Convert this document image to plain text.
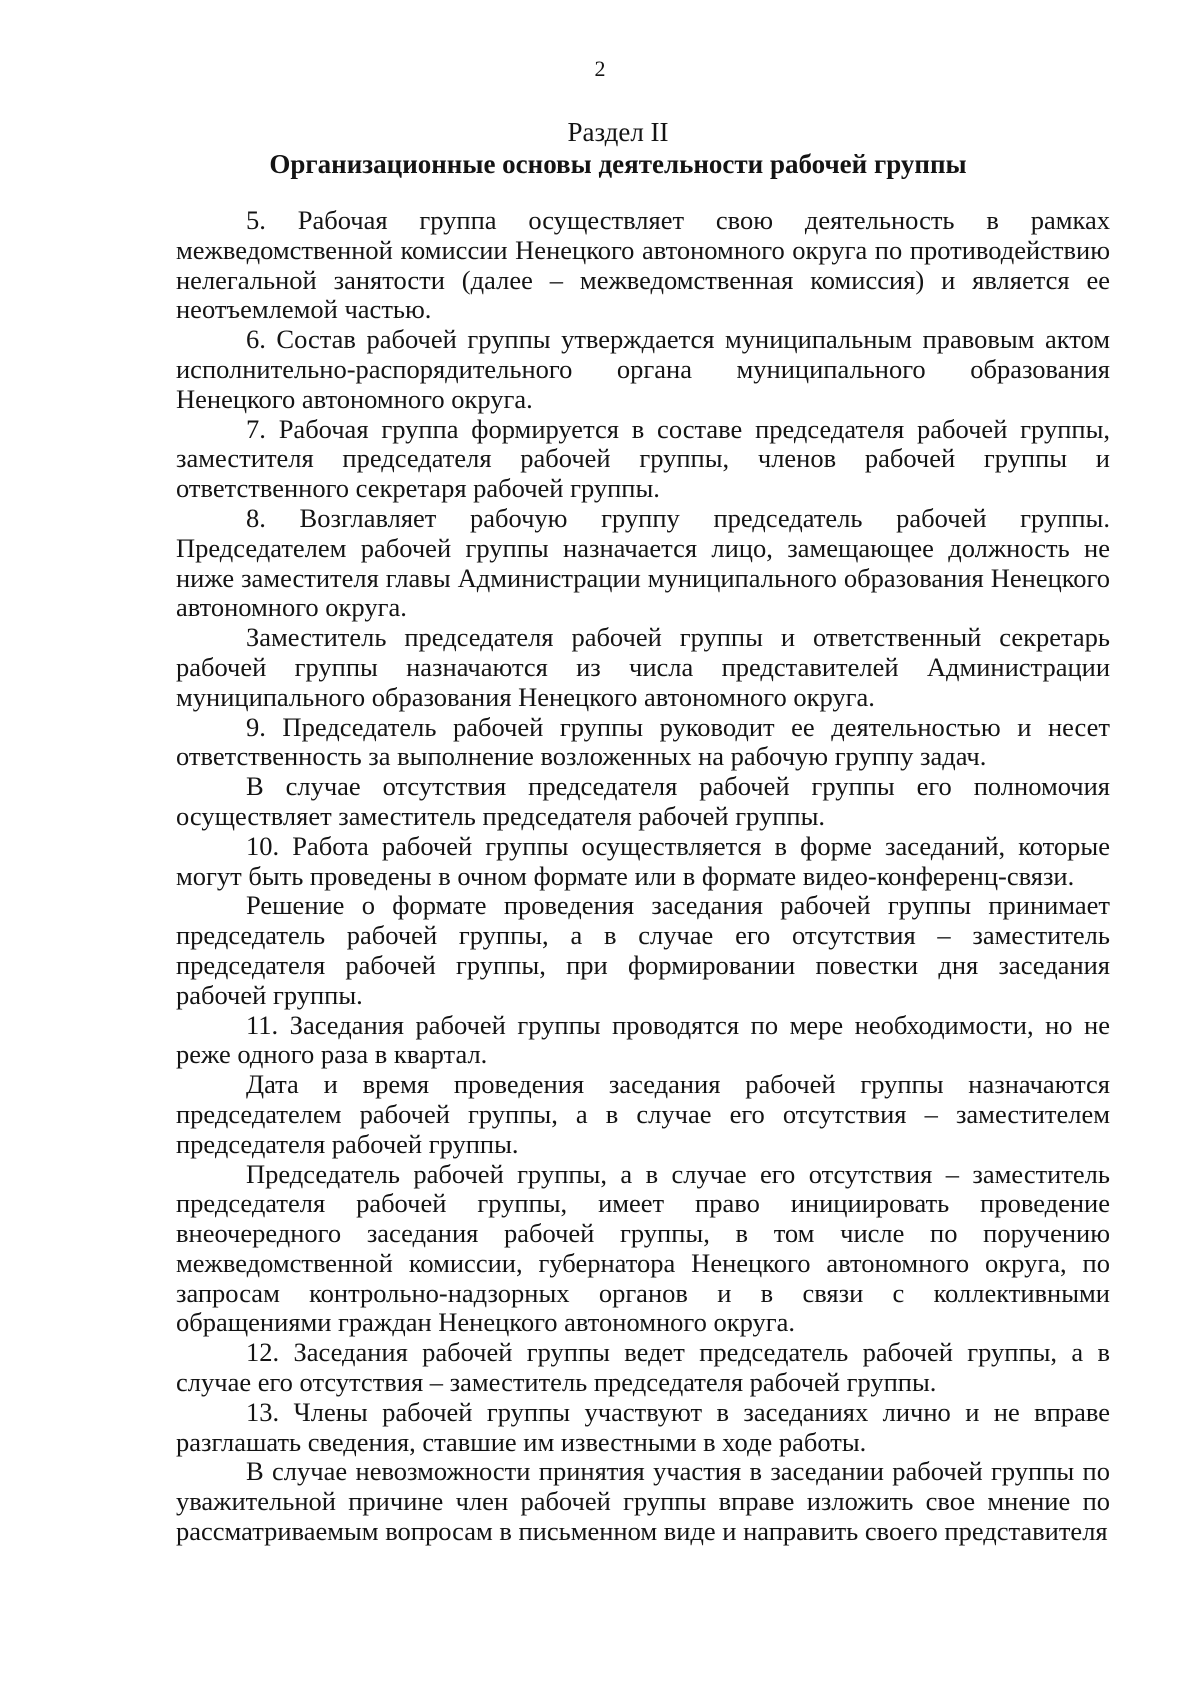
2
Раздел II
Организационные основы деятельности рабочей группы

5. Рабочая группа осуществляет свою деятельность в рамках межведомственной комиссии Ненецкого автономного округа по противодействию нелегальной занятости (далее – межведомственная комиссия) и является ее неотъемлемой частью.

6. Состав рабочей группы утверждается муниципальным правовым актом исполнительно-распорядительного органа муниципального образования Ненецкого автономного округа.

7. Рабочая группа формируется в составе председателя рабочей группы, заместителя председателя рабочей группы, членов рабочей группы и ответственного секретаря рабочей группы.

8. Возглавляет рабочую группу председатель рабочей группы. Председателем рабочей группы назначается лицо, замещающее должность не ниже заместителя главы Администрации муниципального образования Ненецкого автономного округа.

Заместитель председателя рабочей группы и ответственный секретарь рабочей группы назначаются из числа представителей Администрации муниципального образования Ненецкого автономного округа.

9. Председатель рабочей группы руководит ее деятельностью и несет ответственность за выполнение возложенных на рабочую группу задач.

В случае отсутствия председателя рабочей группы его полномочия осуществляет заместитель председателя рабочей группы.

10. Работа рабочей группы осуществляется в форме заседаний, которые могут быть проведены в очном формате или в формате видео-конференц-связи.

Решение о формате проведения заседания рабочей группы принимает председатель рабочей группы, а в случае его отсутствия – заместитель председателя рабочей группы, при формировании повестки дня заседания рабочей группы.

11. Заседания рабочей группы проводятся по мере необходимости, но не реже одного раза в квартал.

Дата и время проведения заседания рабочей группы назначаются председателем рабочей группы, а в случае его отсутствия – заместителем председателя рабочей группы.

Председатель рабочей группы, а в случае его отсутствия – заместитель председателя рабочей группы, имеет право инициировать проведение внеочередного заседания рабочей группы, в том числе по поручению межведомственной комиссии, губернатора Ненецкого автономного округа, по запросам контрольно-надзорных органов и в связи с коллективными обращениями граждан Ненецкого автономного округа.

12. Заседания рабочей группы ведет председатель рабочей группы, а в случае его отсутствия – заместитель председателя рабочей группы.

13. Члены рабочей группы участвуют в заседаниях лично и не вправе разглашать сведения, ставшие им известными в ходе работы.

В случае невозможности принятия участия в заседании рабочей группы по уважительной причине член рабочей группы вправе изложить свое мнение по рассматриваемым вопросам в письменном виде и направить своего представителя
